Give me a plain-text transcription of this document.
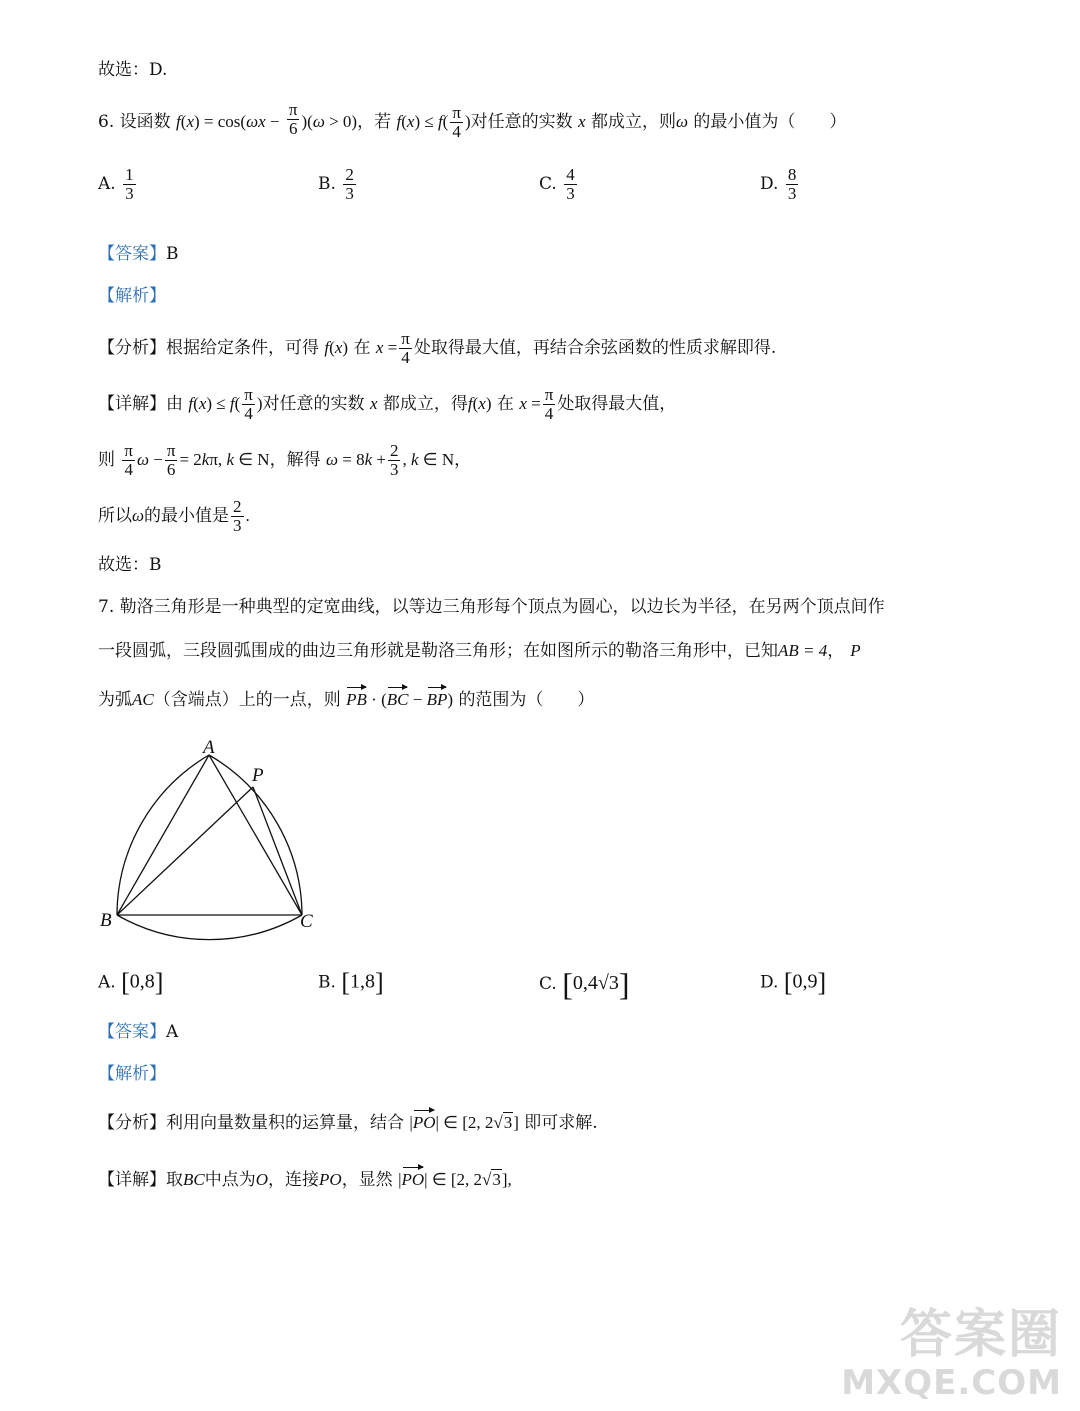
故选：D.
6. 设函数 $f(x) = \cos(\omega x - \frac{\pi}{6} )(\omega > 0)$，若 $f(x) \le f( \frac{\pi}{4}$ )对任意的实数 x 都成立，则ω 的最小值为（　　）
A. $\frac{1}{3}$	B. $\frac{2}{3}$	C. $\frac{4}{3}$	D. $\frac{8}{3}$
【答案】B
【解析】
【分析】根据给定条件，可得 f(x) 在 $x = \frac{\pi}{4}$ 处取得最大值，再结合余弦函数的性质求解即得.
【详解】由 $f(x) \le f( \frac{\pi}{4}$ )对任意的实数 x 都成立，得f(x) 在 $x = \frac{\pi}{4}$ 处取得最大值，
则 $\frac{\pi}{4}$ $\omega - \frac{\pi}{6} = 2k\pi$, k ∈ N，解得 $\omega = 8k + \frac{2}{3}$ , k ∈ N，
所以ω的最小值是 $\frac{2}{3}$ .
故选：B
7. 勒洛三角形是一种典型的定宽曲线，以等边三角形每个顶点为圆心，以边长为半径，在另两个顶点间作
一段圆弧，三段圆弧围成的曲边三角形就是勒洛三角形；在如图所示的勒洛三角形中，已知AB = 4， P
为弧AC（含端点）上的一点，则 PB · (BC − BP) 的范围为（　　）
A
P
B	C
A. [0,8]	B. [1,8]	C. [0,4√3]	D. [0,9]
【答案】A
【解析】
【分析】利用向量数量积的运算量，结合 |PO| ∈ [2, 2√3] 即可求解.
【详解】取BC中点为O，连接PO，显然 |PO| ∈ [2, 2√3],
答案圈
MXQE.COM
